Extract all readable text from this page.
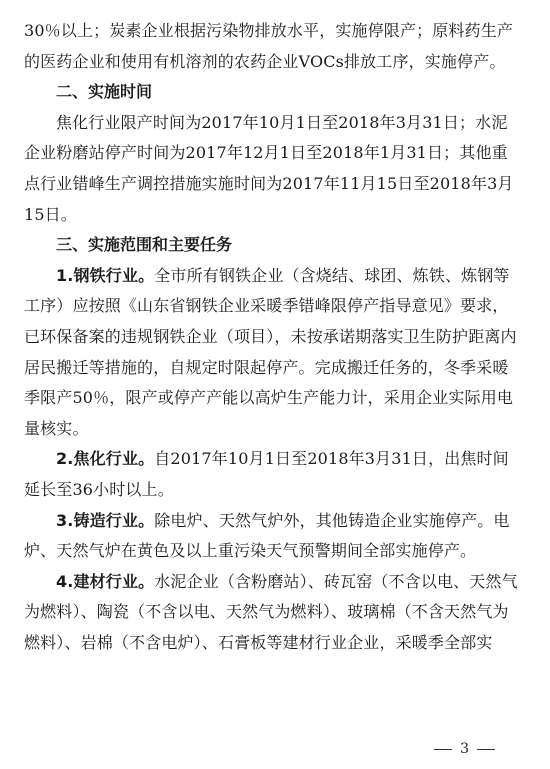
30％以上；炭素企业根据污染物排放水平，实施停限产；原料药生产的医药企业和使用有机溶剂的农药企业VOCs排放工序，实施停产。

二、实施时间

焦化行业限产时间为2017年10月1日至2018年3月31日；水泥企业粉磨站停产时间为2017年12月1日至2018年1月31日；其他重点行业错峰生产调控措施实施时间为2017年11月15日至2018年3月15日。

三、实施范围和主要任务

1.钢铁行业。全市所有钢铁企业（含烧结、球团、炼铁、炼钢等工序）应按照《山东省钢铁企业采暖季错峰限停产指导意见》要求，已环保备案的违规钢铁企业（项目），未按承诺期落实卫生防护距离内居民搬迁等措施的，自规定时限起停产。完成搬迁任务的，冬季采暖季限产50％，限产或停产产能以高炉生产能力计，采用企业实际用电量核实。

2.焦化行业。自2017年10月1日至2018年3月31日，出焦时间延长至36小时以上。

3.铸造行业。除电炉、天然气炉外，其他铸造企业实施停产。电炉、天然气炉在黄色及以上重污染天气预警期间全部实施停产。

4.建材行业。水泥企业（含粉磨站）、砖瓦窑（不含以电、天然气为燃料）、陶瓷（不含以电、天然气为燃料）、玻璃棉（不含天然气为燃料）、岩棉（不含电炉）、石膏板等建材行业企业，采暖季全部实

3
